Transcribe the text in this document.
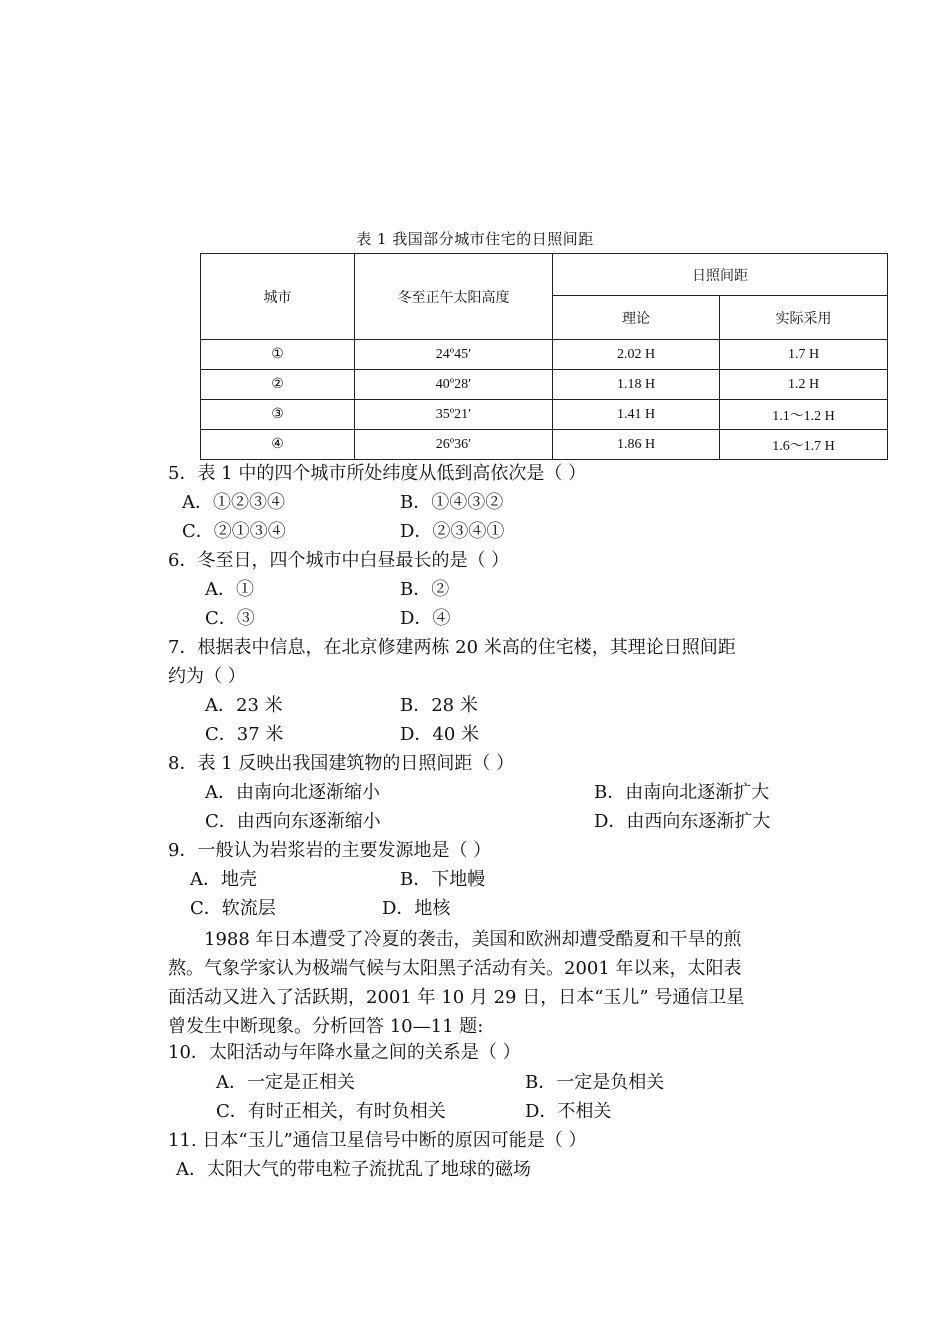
表 1 我国部分城市住宅的日照间距
城市	冬至正午太阳高度	日照间距	
		理论	实际采用
①	24º45′	2.02 H	1.7 H
②	40º28′	1.18 H	1.2 H
③	35º21′	1.41 H	1.1～1.2 H
④	26º36′	1.86 H	1.6～1.7 H
5．表 1 中的四个城市所处纬度从低到高依次是（ ）
A．①②③④	B．①④③②
C．②①③④	D．②③④①
6．冬至日，四个城市中白昼最长的是（ ）
A．①	B．②
C．③	D．④
7．根据表中信息，在北京修建两栋 20 米高的住宅楼，其理论日照间距
约为（ ）
A．23 米	B．28 米
C．37 米	D．40 米
8．表 1 反映出我国建筑物的日照间距（ ）
A．由南向北逐渐缩小	B．由南向北逐渐扩大
C．由西向东逐渐缩小	D．由西向东逐渐扩大
9．一般认为岩浆岩的主要发源地是（ ）
A．地壳	B．下地幔
C．软流层	D．地核
1988 年日本遭受了冷夏的袭击，美国和欧洲却遭受酷夏和干旱的煎
熬。气象学家认为极端气候与太阳黑子活动有关。2001 年以来，太阳表
面活动又进入了活跃期，2001 年 10 月 29 日，日本“玉儿” 号通信卫星
曾发生中断现象。分析回答 10—11 题:
10．太阳活动与年降水量之间的关系是（ ）
A．一定是正相关	B．一定是负相关
C．有时正相关，有时负相关	D．不相关
11. 日本“玉儿”通信卫星信号中断的原因可能是（ ）
A．太阳大气的带电粒子流扰乱了地球的磁场
